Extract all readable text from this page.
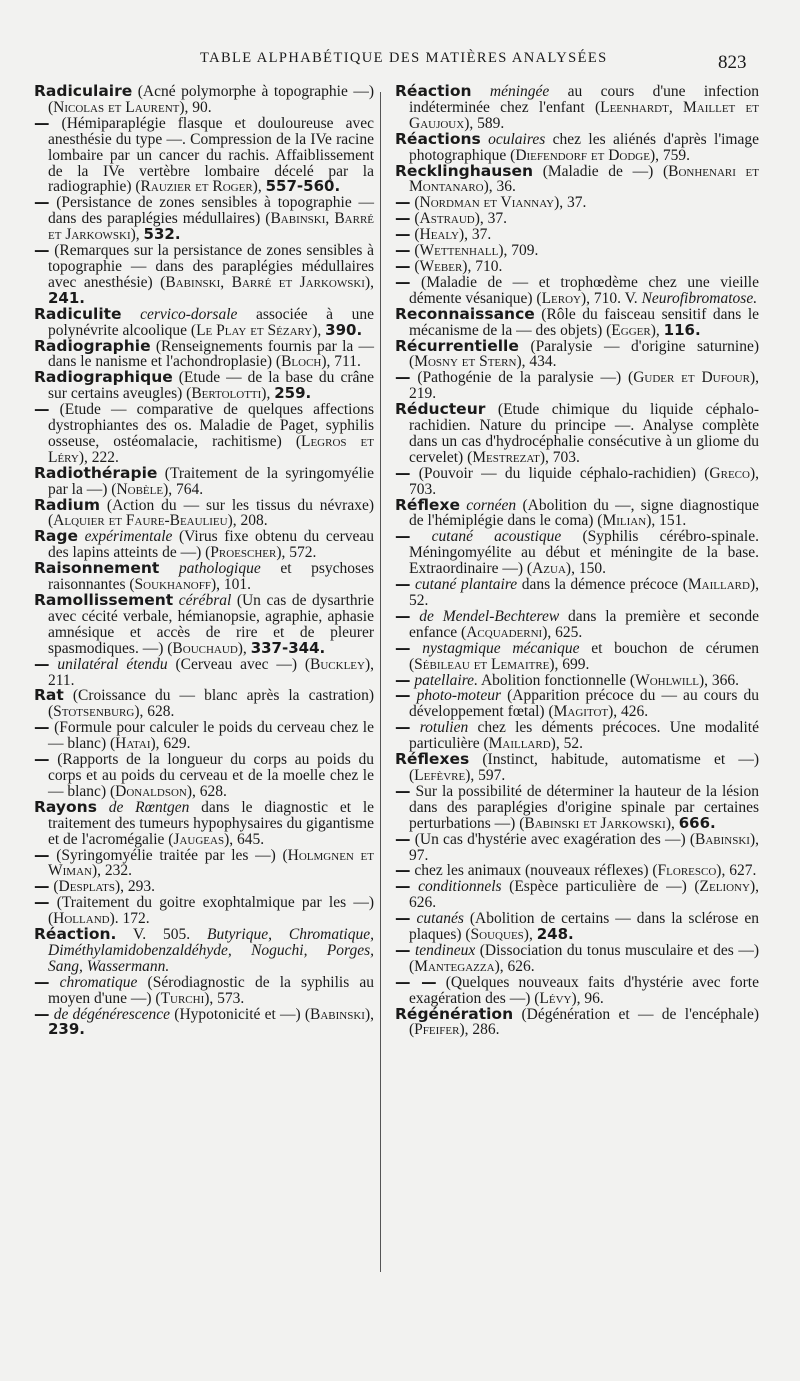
TABLE ALPHABÉTIQUE DES MATIÈRES ANALYSÉES	823
Radiculaire (Acné polymorphe à topographie —) (Nicolas et Laurent), 90.
— (Hémiparaplégie flasque et douloureuse avec anesthésie du type —. Compression de la IVe racine lombaire par un cancer du rachis. Affaiblissement de la IVe vertèbre lombaire décelé par la radiographie) (Rauzier et Roger), 557-560.
— (Persistance de zones sensibles à topographie — dans des paraplégies médullaires) (Babinski, Barré et Jarkowski), 532.
— (Remarques sur la persistance de zones sensibles à topographie — dans des paraplégies médullaires avec anesthésie) (Babinski, Barré et Jarkowski), 241.
Radiculite cervico-dorsale associée à une polynévrite alcoolique (Le Play et Sézary), 390.
Radiographie (Renseignements fournis par la — dans le nanisme et l'achondroplasie) (Bloch), 711.
Radiographique (Etude — de la base du crâne sur certains aveugles) (Bertolotti), 259.
— (Etude — comparative de quelques affections dystrophiantes des os. Maladie de Paget, syphilis osseuse, ostéomalacie, rachitisme) (Legros et Léry), 222.
Radiothérapie (Traitement de la syringomyélie par la —) (Nobèle), 764.
Radium (Action du — sur les tissus du névraxe) (Alquier et Faure-Beaulieu), 208.
Rage expérimentale (Virus fixe obtenu du cerveau des lapins atteints de —) (Proescher), 572.
Raisonnement pathologique et psychoses raisonnantes (Soukhanoff), 101.
Ramollissement cérébral (Un cas de dysarthrie avec cécité verbale, hémianopsie, agraphie, aphasie amnésique et accès de rire et de pleurer spasmodiques. —) (Bouchaud), 337-344.
— unilatéral étendu (Cerveau avec —) (Buckley), 211.
Rat (Croissance du — blanc après la castration) (Stotsenburg), 628.
— (Formule pour calculer le poids du cerveau chez le — blanc) (Hatai), 629.
— (Rapports de la longueur du corps au poids du corps et au poids du cerveau et de la moelle chez le — blanc) (Donaldson), 628.
Rayons de Rœntgen dans le diagnostic et le traitement des tumeurs hypophysaires du gigantisme et de l'acromégalie (Jaugeas), 645.
— (Syringomyélie traitée par les —) (Holmgnen et Wiman), 232.
— (Desplats), 293.
— (Traitement du goitre exophtalmique par les —) (Holland). 172.
Réaction. V. 505. Butyrique, Chromatique, Diméthylamidobenzaldéhyde, Noguchi, Porges, Sang, Wassermann.
— chromatique (Sérodiagnostic de la syphilis au moyen d'une —) (Turchi), 573.
— de dégénérescence (Hypotonicité et —) (Babinski), 239.
Réaction méningée au cours d'une infection indéterminée chez l'enfant (Leenhardt, Maillet et Gaujoux), 589.
Réactions oculaires chez les aliénés d'après l'image photographique (Diefendorf et Dodge), 759.
Recklinghausen (Maladie de —) (Bonhenari et Montanaro), 36.
— (Nordman et Viannay), 37.
— (Astraud), 37.
— (Healy), 37.
— (Wettenhall), 709.
— (Weber), 710.
— (Maladie de — et trophœdème chez une vieille démente vésanique) (Leroy), 710. V. Neurofibromatose.
Reconnaissance (Rôle du faisceau sensitif dans le mécanisme de la — des objets) (Egger), 116.
Récurrentielle (Paralysie — d'origine saturnine) (Mosny et Stern), 434.
— (Pathogénie de la paralysie —) (Guder et Dufour), 219.
Réducteur (Etude chimique du liquide céphalo-rachidien. Nature du principe —. Analyse complète dans un cas d'hydrocéphalie consécutive à un gliome du cervelet) (Mestrezat), 703.
— (Pouvoir — du liquide céphalo-rachidien) (Greco), 703.
Réflexe cornéen (Abolition du —, signe diagnostique de l'hémiplégie dans le coma) (Milian), 151.
— cutané acoustique (Syphilis cérébro-spinale. Méningomyélite au début et méningite de la base. Extraordinaire —) (Azua), 150.
— cutané plantaire dans la démence précoce (Maillard), 52.
— de Mendel-Bechterew dans la première et seconde enfance (Acquaderni), 625.
— nystagmique mécanique et bouchon de cérumen (Sébileau et Lemaitre), 699.
— patellaire. Abolition fonctionnelle (Wohlwill), 366.
— photo-moteur (Apparition précoce du — au cours du développement fœtal) (Magitot), 426.
— rotulien chez les déments précoces. Une modalité particulière (Maillard), 52.
Réflexes (Instinct, habitude, automatisme et —) (Lefèvre), 597.
— Sur la possibilité de déterminer la hauteur de la lésion dans des paraplégies d'origine spinale par certaines perturbations —) (Babinski et Jarkowski), 666.
— (Un cas d'hystérie avec exagération des —) (Babinski), 97.
— chez les animaux (nouveaux réflexes) (Floresco), 627.
— conditionnels (Espèce particulière de —) (Zeliony), 626.
— cutanés (Abolition de certains — dans la sclérose en plaques) (Souques), 248.
— tendineux (Dissociation du tonus musculaire et des —) (Mantegazza), 626.
— — (Quelques nouveaux faits d'hystérie avec forte exagération des —) (Lévy), 96.
Régénération (Dégénération et — de l'encéphale) (Pfeifer), 286.
